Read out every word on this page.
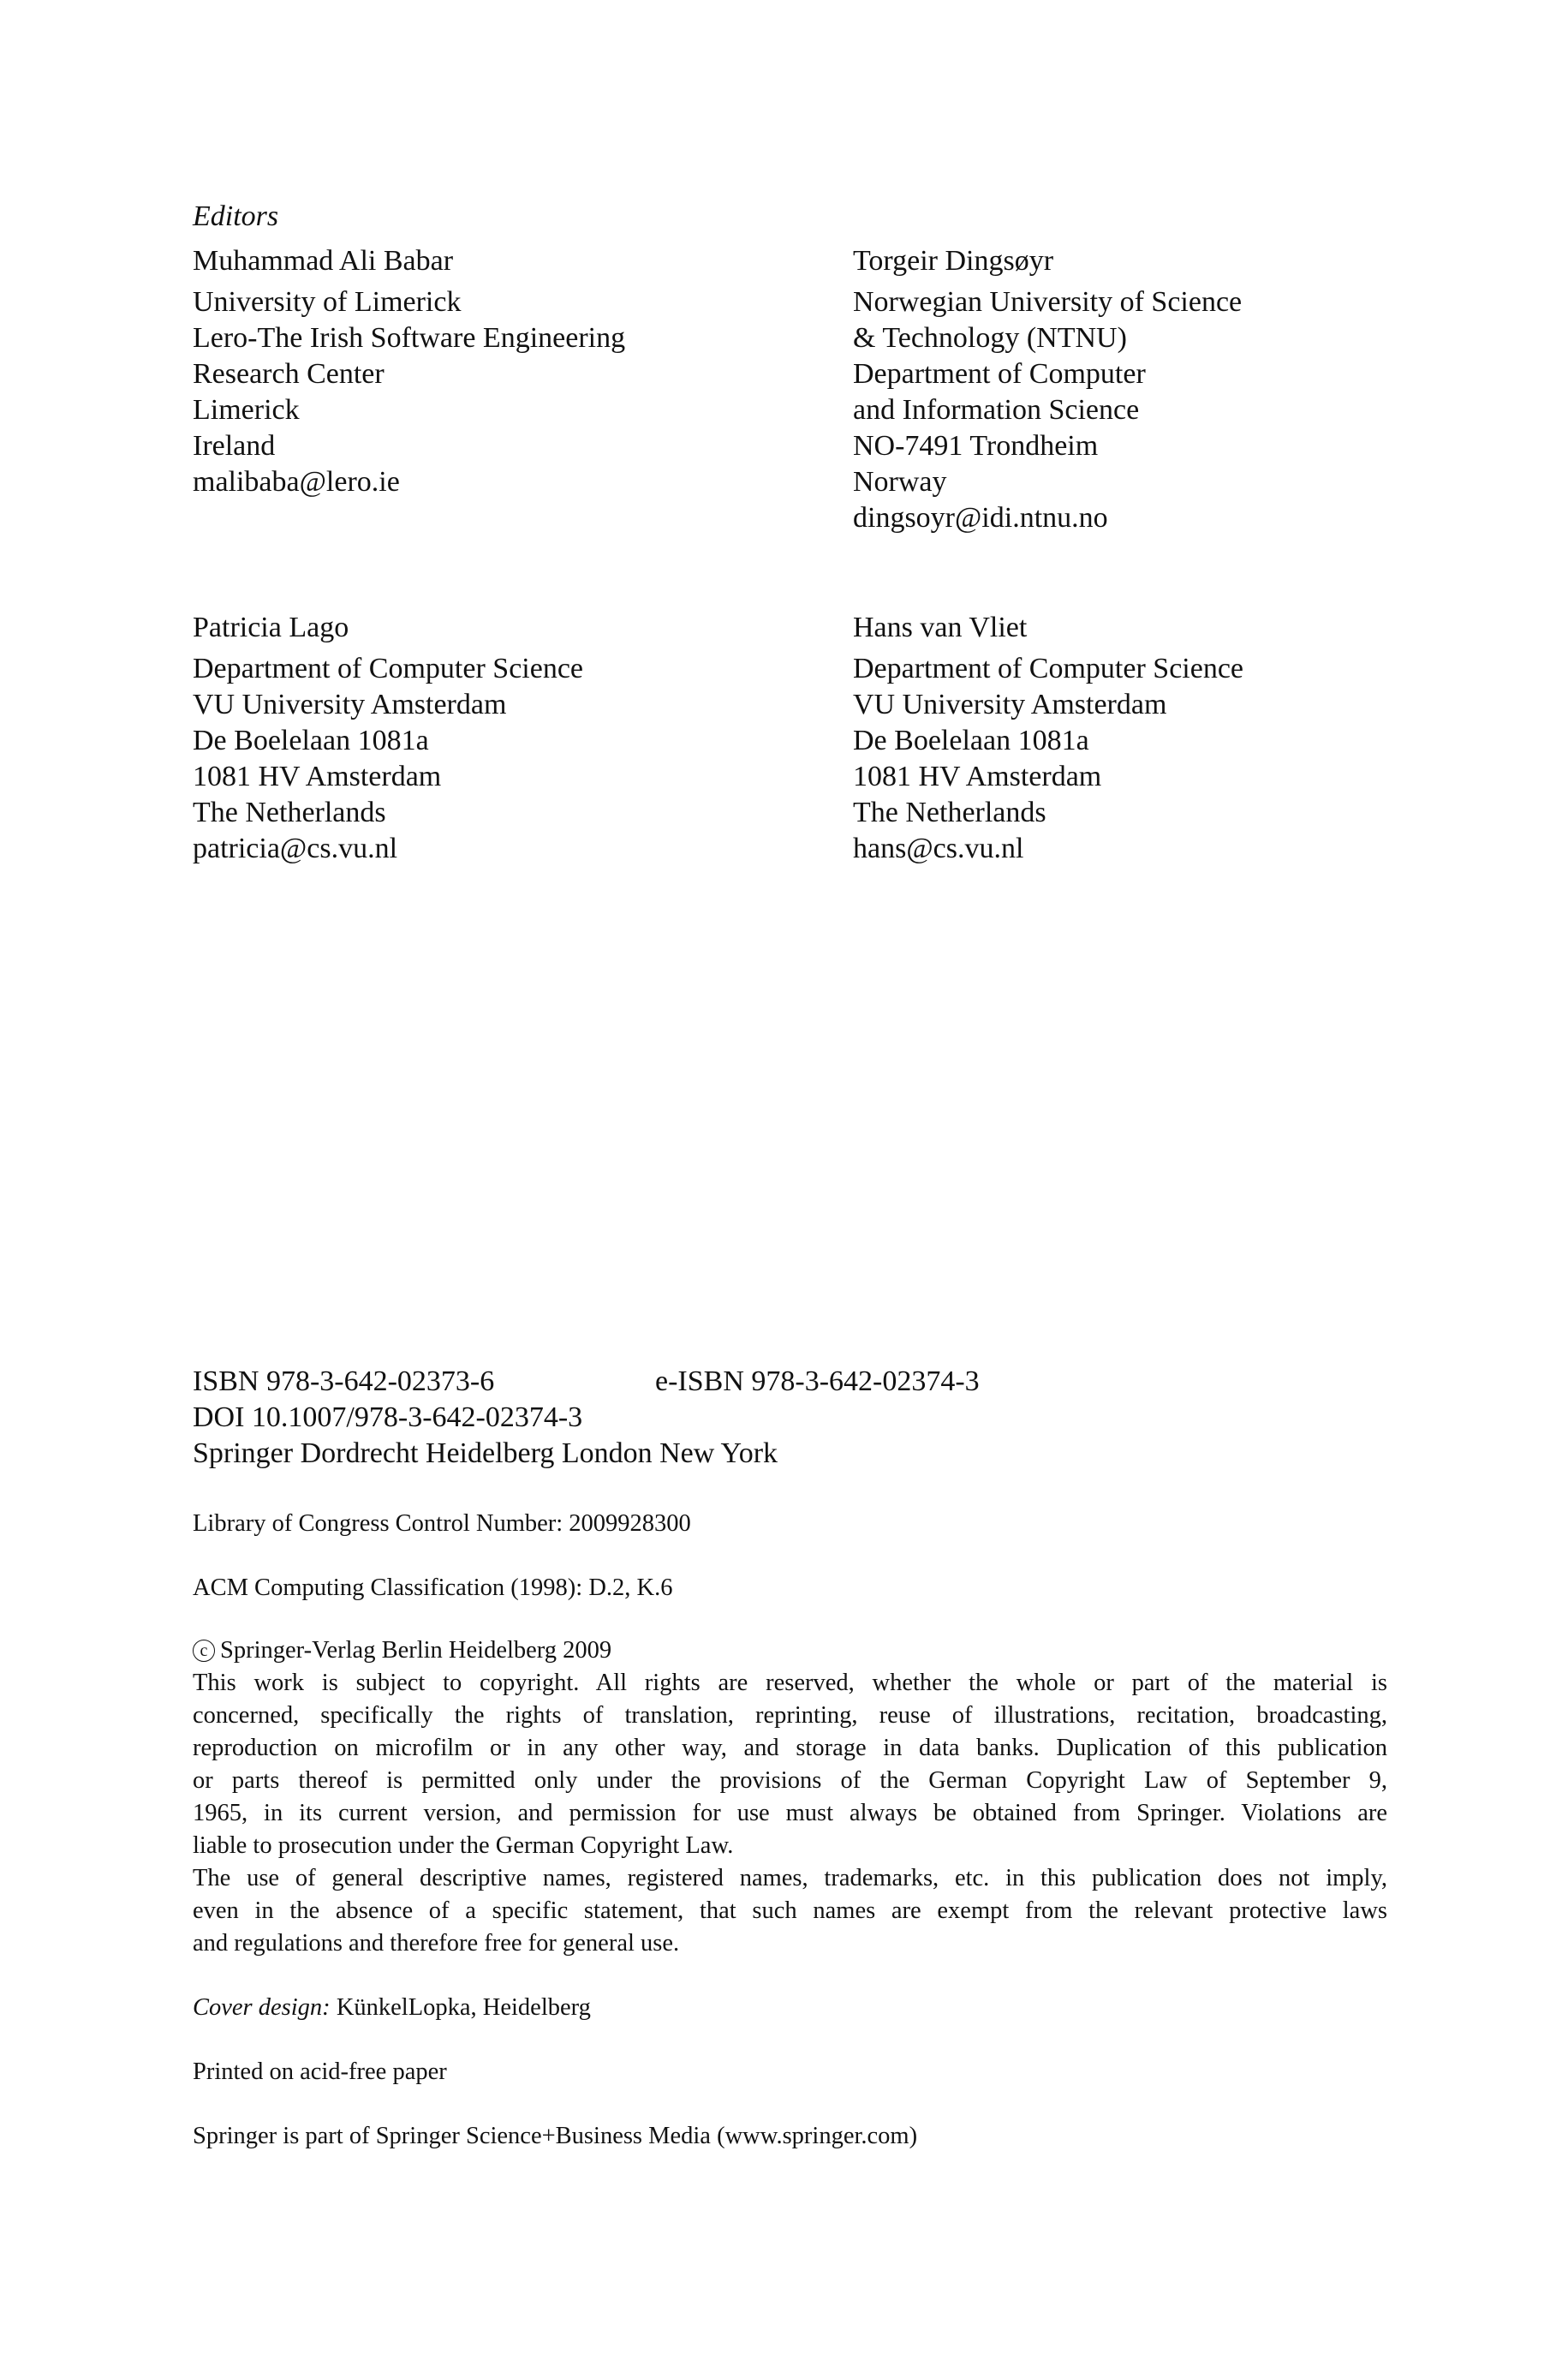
Editors
Muhammad Ali Babar
University of Limerick
Lero-The Irish Software Engineering
Research Center
Limerick
Ireland
malibaba@lero.ie
Torgeir Dingsøyr
Norwegian University of Science
& Technology (NTNU)
Department of Computer
and Information Science
NO-7491 Trondheim
Norway
dingsoyr@idi.ntnu.no
Patricia Lago
Department of Computer Science
VU University Amsterdam
De Boelelaan 1081a
1081 HV Amsterdam
The Netherlands
patricia@cs.vu.nl
Hans van Vliet
Department of Computer Science
VU University Amsterdam
De Boelelaan 1081a
1081 HV Amsterdam
The Netherlands
hans@cs.vu.nl
ISBN 978-3-642-02373-6	e-ISBN 978-3-642-02374-3
DOI 10.1007/978-3-642-02374-3
Springer Dordrecht Heidelberg London New York
Library of Congress Control Number: 2009928300
ACM Computing Classification (1998): D.2, K.6
c Springer-Verlag Berlin Heidelberg 2009
This work is subject to copyright. All rights are reserved, whether the whole or part of the material is
concerned, specifically the rights of translation, reprinting, reuse of illustrations, recitation, broadcasting,
reproduction on microfilm or in any other way, and storage in data banks. Duplication of this publication
or parts thereof is permitted only under the provisions of the German Copyright Law of September 9,
1965, in its current version, and permission for use must always be obtained from Springer. Violations are
liable to prosecution under the German Copyright Law.
The use of general descriptive names, registered names, trademarks, etc. in this publication does not imply,
even in the absence of a specific statement, that such names are exempt from the relevant protective laws
and regulations and therefore free for general use.
Cover design: KünkelLopka, Heidelberg
Printed on acid-free paper
Springer is part of Springer Science+Business Media (www.springer.com)
